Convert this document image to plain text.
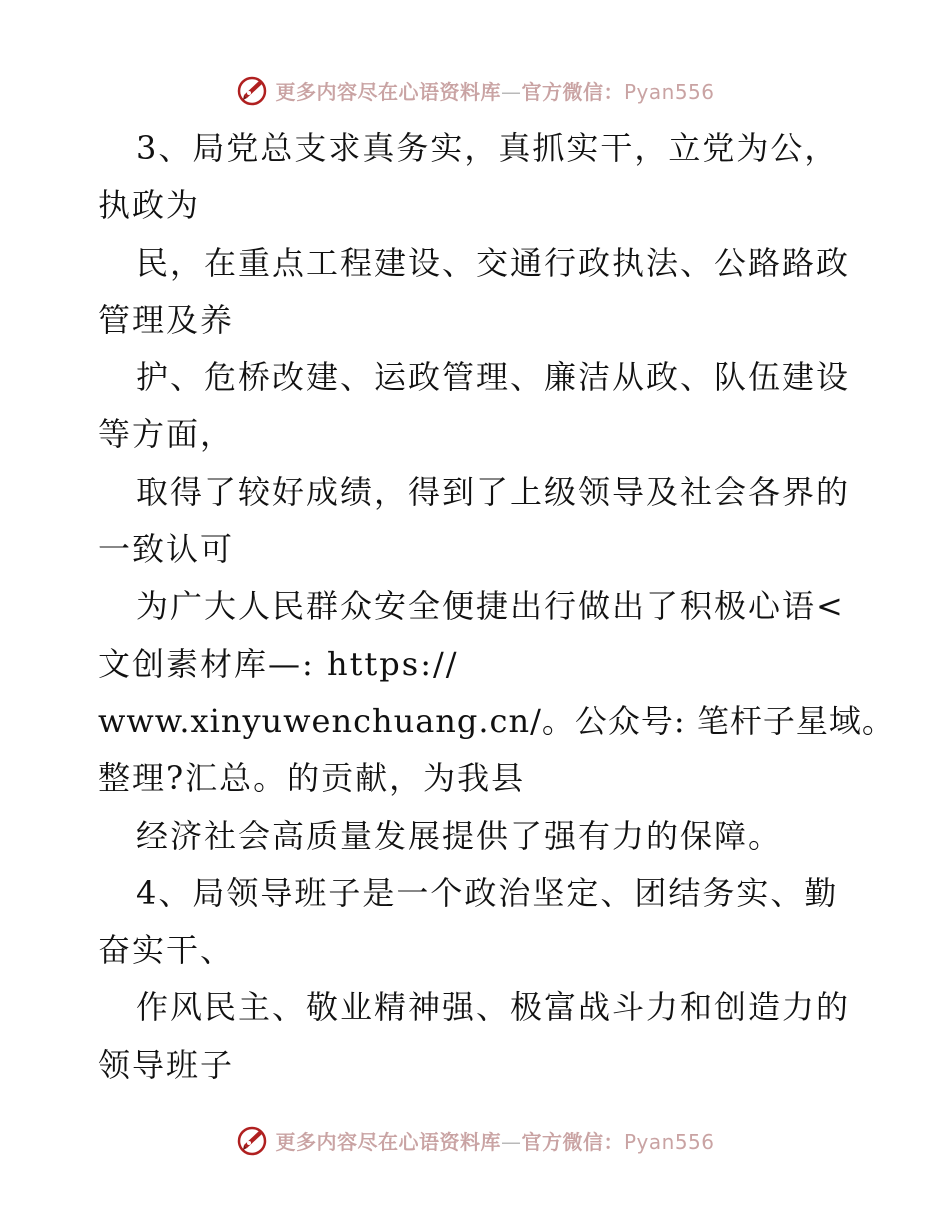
更多内容尽在心语资料库—官方微信：Pyan556
3、局党总支求真务实，真抓实干，立党为公，
执政为
民，在重点工程建设、交通行政执法、公路路政
管理及养
护、危桥改建、运政管理、廉洁从政、队伍建设
等方面，
取得了较好成绩，得到了上级领导及社会各界的
一致认可
为广大人民群众安全便捷出行做出了积极心语<
文创素材库—: https://
www.xinyuwenchuang.cn/。公众号: 笔杆子星域。
整理?汇总。的贡献，为我县
经济社会高质量发展提供了强有力的保障。
4、局领导班子是一个政治坚定、团结务实、勤
奋实干、
作风民主、敬业精神强、极富战斗力和创造力的
领导班子
更多内容尽在心语资料库—官方微信：Pyan556
